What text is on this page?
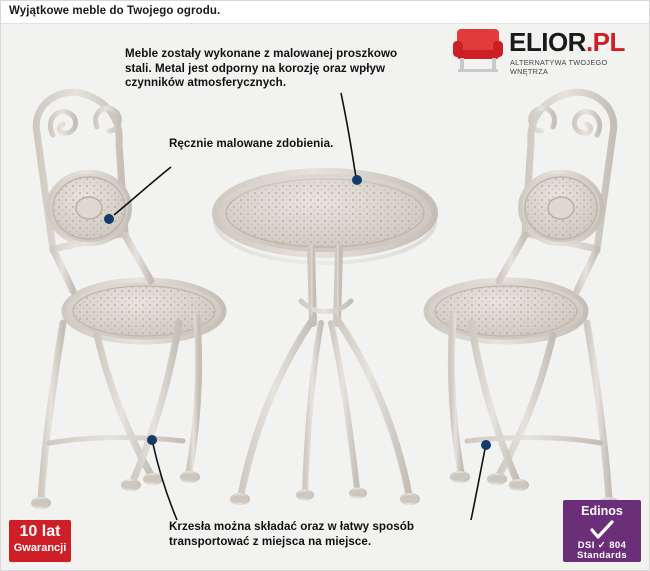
Wyjątkowe meble do Twojego ogrodu.
ELIOR.PL
ALTERNATYWA TWOJEGO WNĘTRZA
Meble zostały wykonane z malowanej proszkowo stali. Metal jest odporny na korozję oraz wpływ czynników atmosferycznych.
Ręcznie malowane zdobienia.
Krzesła można składać oraz w łatwy sposób transportować z miejsca na miejsce.
10 lat
Gwarancji
Edinos
DSI ✓ 804
Standards
